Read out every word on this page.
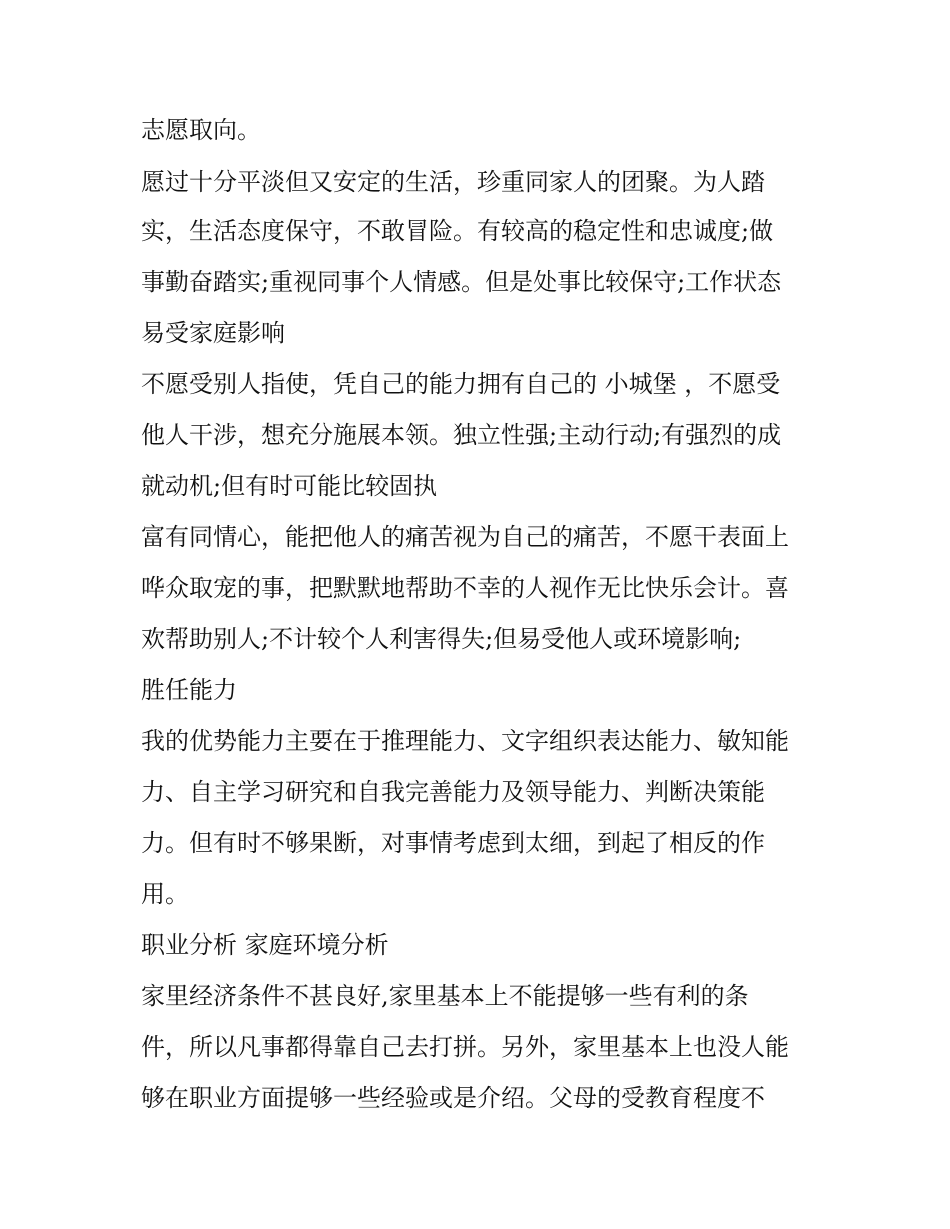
志愿取向。

愿过十分平淡但又安定的生活，珍重同家人的团聚。为人踏

实，生活态度保守，不敢冒险。有较高的稳定性和忠诚度;做

事勤奋踏实;重视同事个人情感。但是处事比较保守;工作状态

易受家庭影响

不愿受别人指使，凭自己的能力拥有自己的 小城堡 ，不愿受

他人干涉，想充分施展本领。独立性强;主动行动;有强烈的成

就动机;但有时可能比较固执

富有同情心，能把他人的痛苦视为自己的痛苦，不愿干表面上

哗众取宠的事，把默默地帮助不幸的人视作无比快乐会计。喜

欢帮助别人;不计较个人利害得失;但易受他人或环境影响;

胜任能力

我的优势能力主要在于推理能力、文字组织表达能力、敏知能

力、自主学习研究和自我完善能力及领导能力、判断决策能

力。但有时不够果断，对事情考虑到太细，到起了相反的作

用。

职业分析 家庭环境分析

家里经济条件不甚良好,家里基本上不能提够一些有利的条

件，所以凡事都得靠自己去打拼。另外，家里基本上也没人能

够在职业方面提够一些经验或是介绍。父母的受教育程度不
